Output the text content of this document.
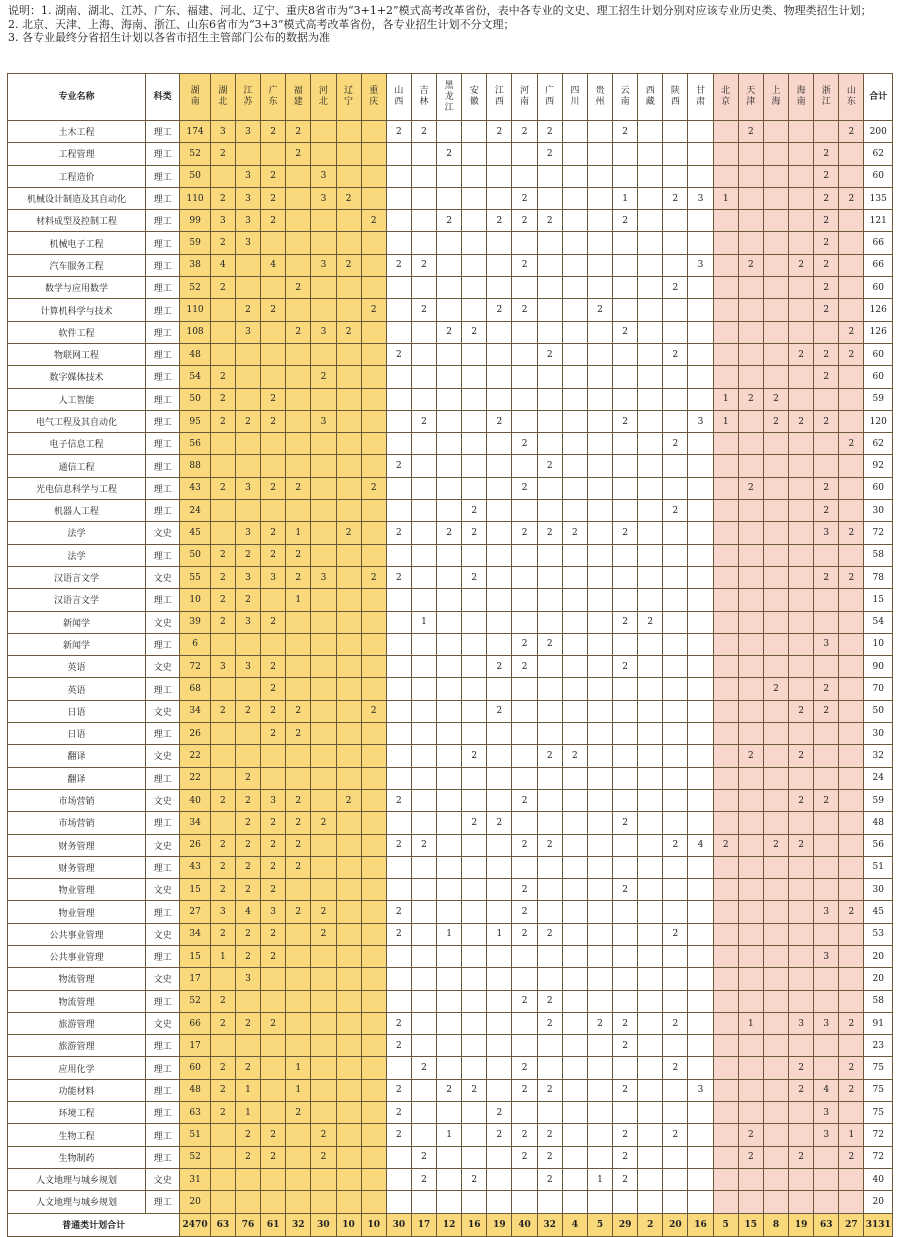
说明：1. 湖南、湖北、江苏、广东、福建、河北、辽宁、重庆8省市为“3+1+2”模式高考改革省份，表中各专业的文史、理工招生计划分别对应该专业历史类、物理类招生计划；
2. 北京、天津、上海、海南、浙江、山东6省市为“3+3”模式高考改革省份，各专业招生计划不分文理；
3. 各专业最终分省招生计划以各省市招生主管部门公布的数据为准
专业名称	科类	湖南	湖北	江苏	广东	福建	河北	辽宁	重庆	山西	吉林	黑龙江	安徽	江西	河南	广西	四川	贵州	云南	西藏	陕西	甘肃	北京	天津	上海	海南	浙江	山东	合计
土木工程	理工	174	3	3	2	2				2	2			2	2	2			2					2				2	200
工程管理	理工	52	2			2						2				2											2		62
工程造价	理工	50		3	2		3																				2		60
机械设计制造及其自动化	理工	110	2	3	2		3	2							2				1		2	3	1				2	2	135
材料成型及控制工程	理工	99	3	3	2				2			2		2	2	2			2								2		121
机械电子工程	理工	59	2	3																							2		66
汽车服务工程	理工	38	4		4		3	2		2	2				2							3		2		2	2		66
数学与应用数学	理工	52	2			2															2						2		60
计算机科学与技术	理工	110		2	2				2		2			2	2			2									2		126
软件工程	理工	108		3		2	3	2				2	2						2									2	126
物联网工程	理工	48								2						2					2					2	2	2	60
数字媒体技术	理工	54	2				2																				2		60
人工智能	理工	50	2		2																		1	2	2				59
电气工程及其自动化	理工	95	2	2	2		3				2			2					2			3	1		2	2	2		120
电子信息工程	理工	56													2						2							2	62
通信工程	理工	88								2						2													92
光电信息科学与工程	理工	43	2	3	2	2			2						2									2			2		60
机器人工程	理工	24											2								2						2		30
法学	文史	45		3	2	1		2		2		2	2		2	2	2		2								3	2	72
法学	理工	50	2	2	2	2																							58
汉语言文学	文史	55	2	3	3	2	3		2	2			2														2	2	78
汉语言文学	理工	10	2	2		1																							15
新闻学	文史	39	2	3	2						1								2	2									54
新闻学	理工	6													2	2											3		10
英语	文史	72	3	3	2									2	2				2										90
英语	理工	68			2																				2		2		70
日语	文史	34	2	2	2	2			2					2												2	2		50
日语	理工	26			2	2																							30
翻译	文史	22											2			2	2							2		2			32
翻译	理工	22		2																									24
市场营销	文史	40	2	2	3	2		2		2					2											2	2		59
市场营销	理工	34		2	2	2	2						2	2					2										48
财务管理	文史	26	2	2	2	2				2	2				2	2					2	4	2		2	2			56
财务管理	理工	43	2	2	2	2																							51
物业管理	文史	15	2	2	2										2				2										30
物业管理	理工	27	3	4	3	2	2			2					2												3	2	45
公共事业管理	文史	34	2	2	2		2			2		1		1	2	2					2								53
公共事业管理	理工	15	1	2	2																						3		20
物流管理	文史	17		3																									20
物流管理	理工	52	2												2	2													58
旅游管理	文史	66	2	2	2					2						2		2	2		2			1		3	3	2	91
旅游管理	理工	17								2									2										23
应用化学	理工	60	2	2		1					2				2						2					2		2	75
功能材料	理工	48	2	1		1				2		2	2		2	2			2			3				2	4	2	75
环境工程	理工	63	2	1		2				2				2													3		75
生物工程	理工	51		2	2		2			2		1		2	2	2			2		2			2			3	1	72
生物制药	理工	52		2	2		2				2				2	2			2					2		2		2	72
人文地理与城乡规划	文史	31									2		2			2		1	2										40
人文地理与城乡规划	理工	20																											20
普通类计划合计		2470	63	76	61	32	30	10	10	30	17	12	16	19	40	32	4	5	29	2	20	16	5	15	8	19	63	27	3131
